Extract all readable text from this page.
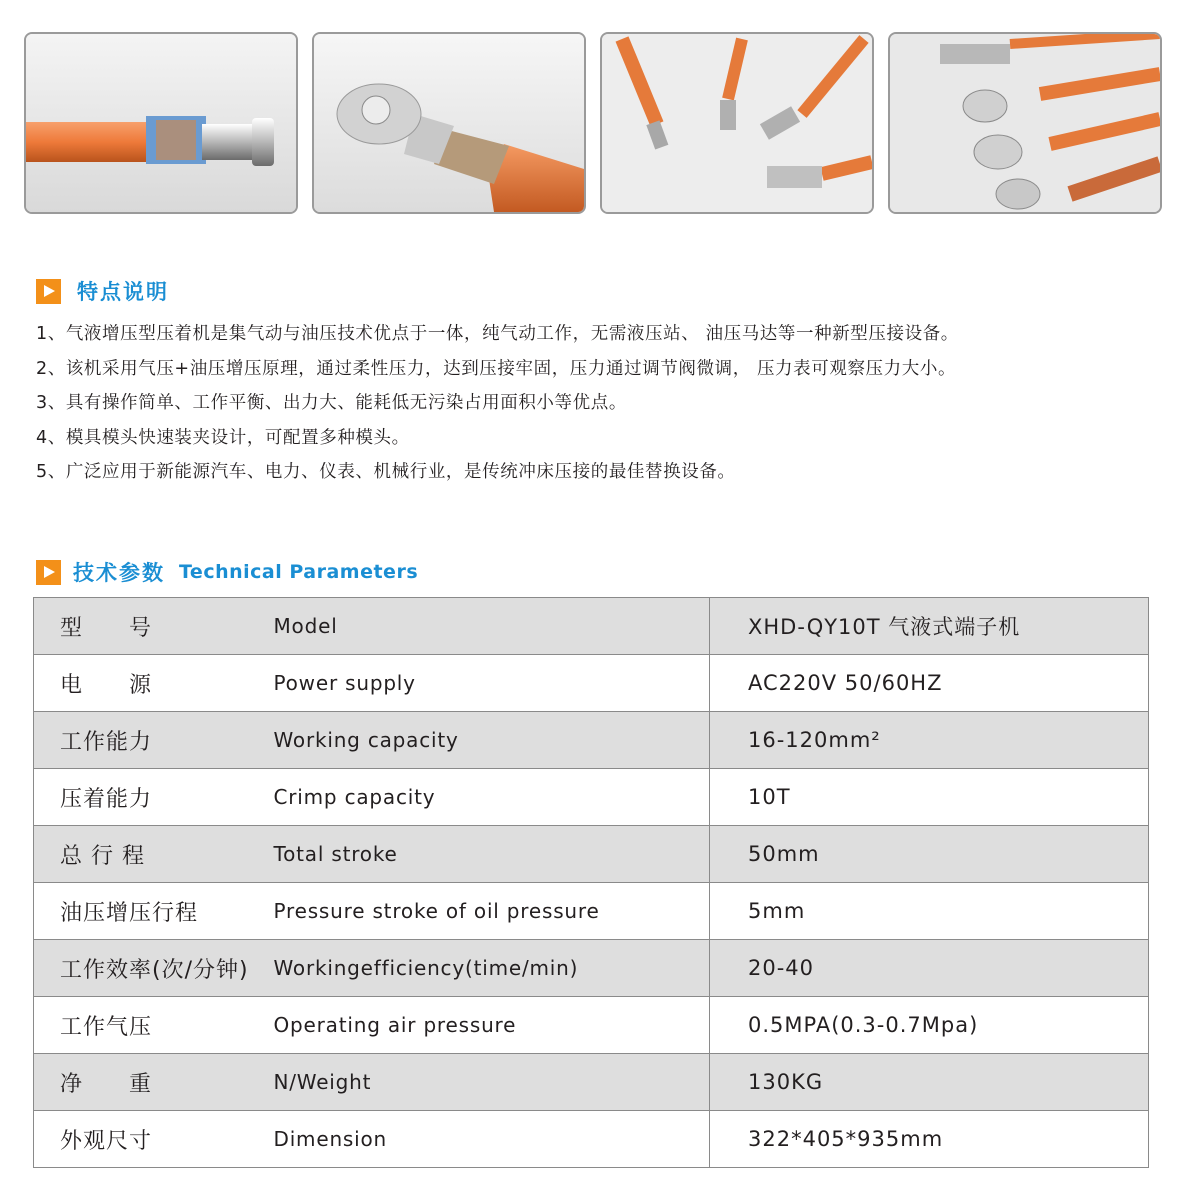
特点说明
1、气液增压型压着机是集气动与油压技术优点于一体，纯气动工作，无需液压站、 油压马达等一种新型压接设备。
2、该机采用气压+油压增压原理，通过柔性压力，达到压接牢固，压力通过调节阀微调， 压力表可观察压力大小。
3、具有操作简单、工作平衡、出力大、能耗低无污染占用面积小等优点。
4、模具模头快速装夹设计，可配置多种模头。
5、广泛应用于新能源汽车、电力、仪表、机械行业，是传统冲床压接的最佳替换设备。
技术参数 Technical Parameters
型　　号	Model	XHD-QY10T 气液式端子机
电　　源	Power supply	AC220V 50/60HZ
工作能力	Working capacity	16-120mm²
压着能力	Crimp capacity	10T
总 行 程	Total stroke	50mm
油压增压行程	Pressure stroke of oil pressure	5mm
工作效率(次/分钟)	Workingefficiency(time/min)	20-40
工作气压	Operating air pressure	0.5MPA(0.3-0.7Mpa)
净　　重	N/Weight	130KG
外观尺寸	Dimension	322*405*935mm
